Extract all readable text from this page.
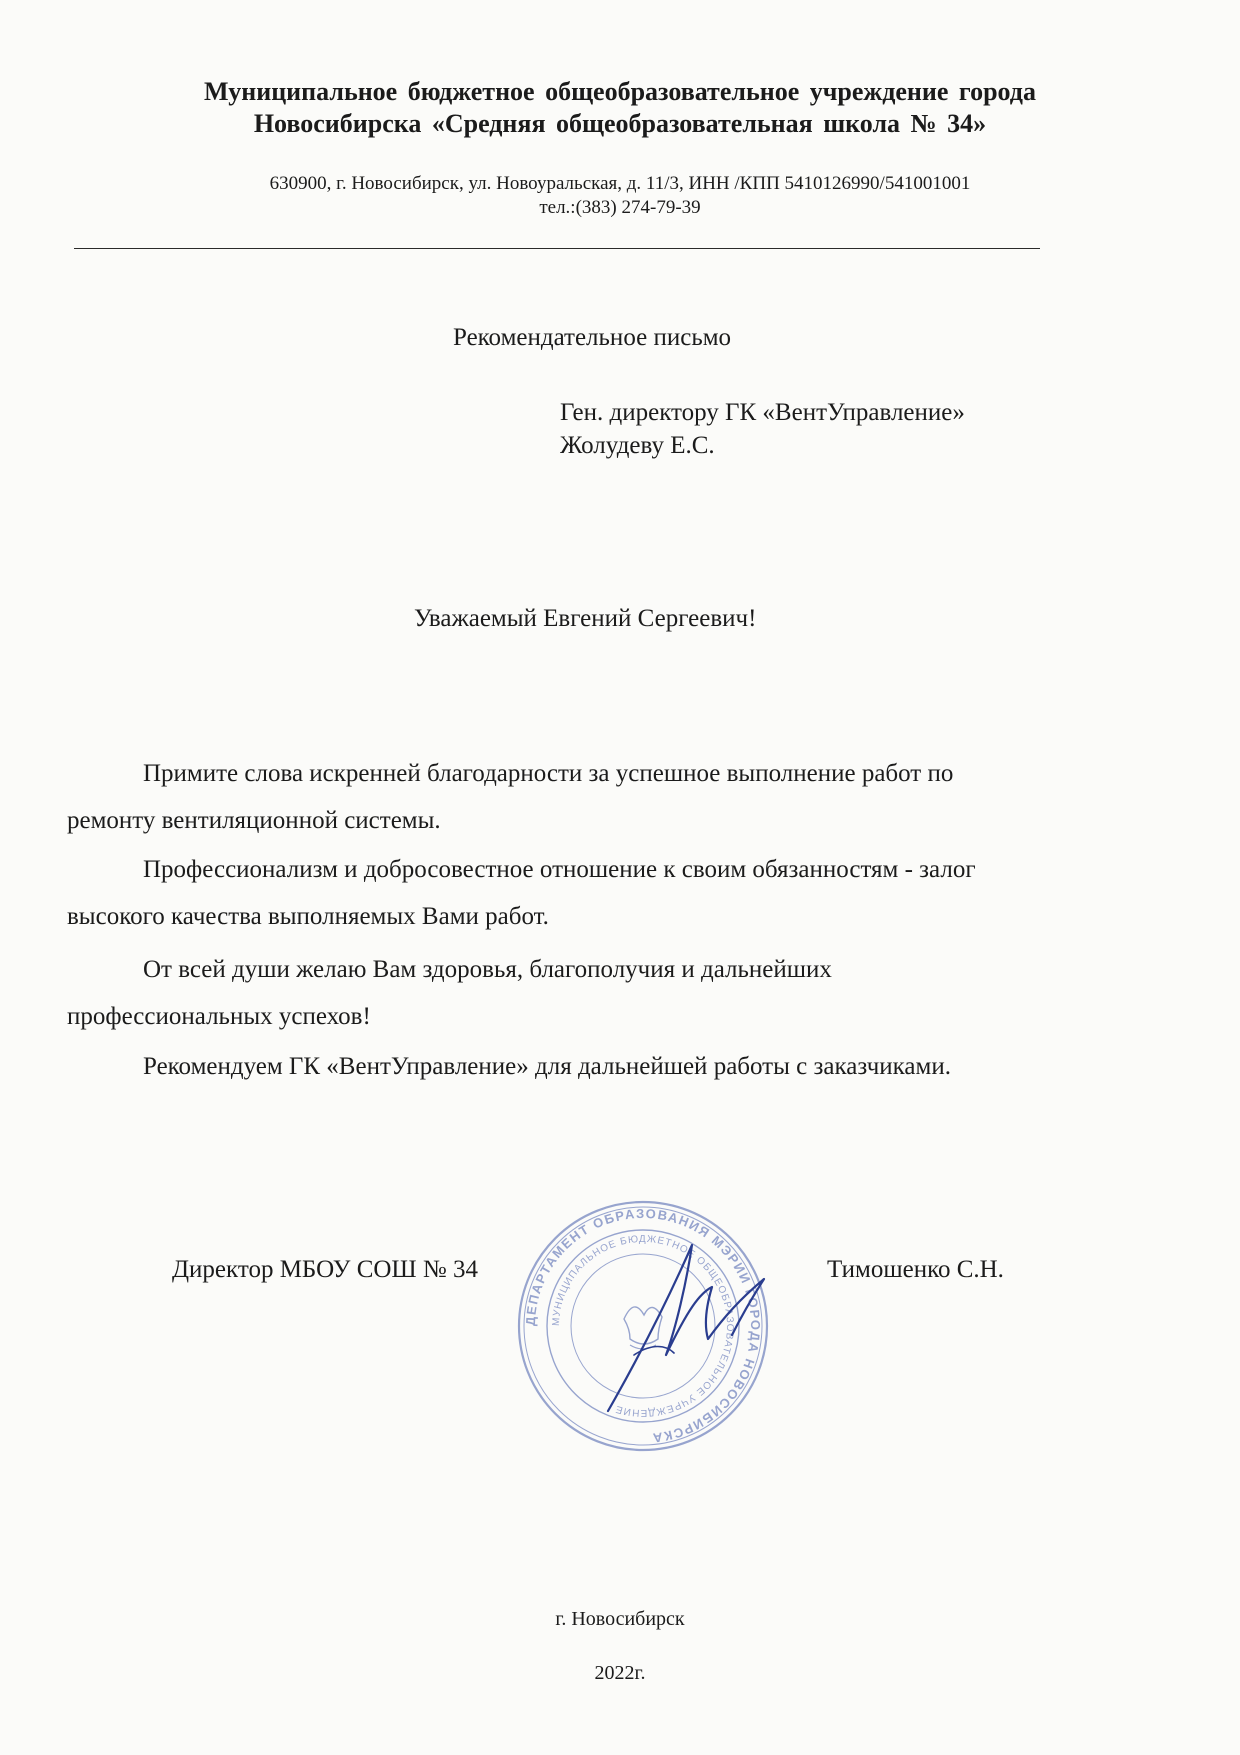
Муниципальное бюджетное общеобразовательное учреждение города
Новосибирска «Средняя общеобразовательная школа № 34»
630900, г. Новосибирск, ул. Новоуральская, д. 11/3, ИНН /КПП 5410126990/541001001
тел.:(383) 274-79-39
Рекомендательное письмо
Ген. директору ГК «ВентУправление»
Жолудеву Е.С.
Уважаемый Евгений Сергеевич!
Примите слова искренней благодарности за успешное выполнение работ по
ремонту вентиляционной системы.
Профессионализм и добросовестное отношение к своим обязанностям - залог
высокого качества выполняемых Вами работ.
От всей души желаю Вам здоровья, благополучия и дальнейших
профессиональных успехов!
Рекомендуем ГК «ВентУправление» для дальнейшей работы с заказчиками.
Директор МБОУ СОШ № 34	Тимошенко С.Н.
ДЕПАРТАМЕНТ ОБРАЗОВАНИЯ МЭРИИ ГОРОДА НОВОСИБИРСКА
МУНИЦИПАЛЬНОЕ БЮДЖЕТНОЕ ОБЩЕОБРАЗОВАТЕЛЬНОЕ УЧРЕЖДЕНИЕ
г. Новосибирск
2022г.
